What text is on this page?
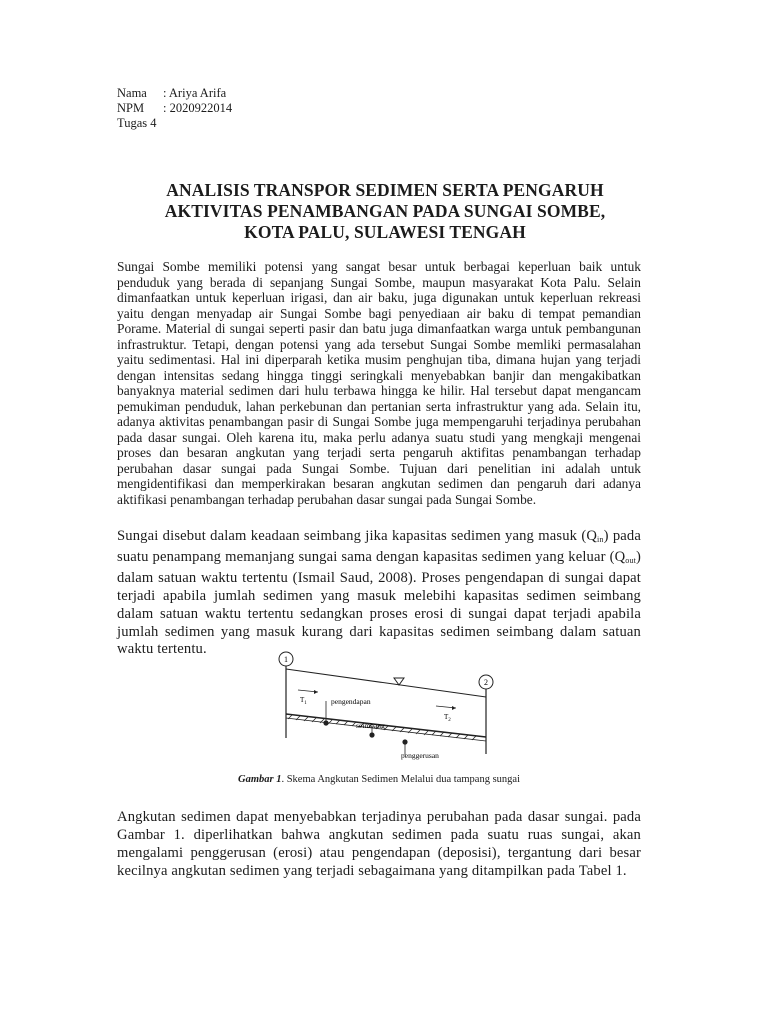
Nama : Ariya Arifa
NPM : 2020922014
Tugas 4
ANALISIS TRANSPOR SEDIMEN SERTA PENGARUH AKTIVITAS PENAMBANGAN PADA SUNGAI SOMBE, KOTA PALU, SULAWESI TENGAH
Sungai Sombe memiliki potensi yang sangat besar untuk berbagai keperluan baik untuk penduduk yang berada di sepanjang Sungai Sombe, maupun masyarakat Kota Palu. Selain dimanfaatkan untuk keperluan irigasi, dan air baku, juga digunakan untuk keperluan rekreasi yaitu dengan menyadap air Sungai Sombe bagi penyediaan air baku di tempat pemandian Porame. Material di sungai seperti pasir dan batu juga dimanfaatkan warga untuk pembangunan infrastruktur. Tetapi, dengan potensi yang ada tersebut Sungai Sombe memliki permasalahan yaitu sedimentasi. Hal ini diperparah ketika musim penghujan tiba, dimana hujan yang terjadi dengan intensitas sedang hingga tinggi seringkali menyebabkan banjir dan mengakibatkan banyaknya material sedimen dari hulu terbawa hingga ke hilir. Hal tersebut dapat mengancam pemukiman penduduk, lahan perkebunan dan pertanian serta infrastruktur yang ada. Selain itu, adanya aktivitas penambangan pasir di Sungai Sombe juga mempengaruhi terjadinya perubahan pada dasar sungai. Oleh karena itu, maka perlu adanya suatu studi yang mengkaji mengenai proses dan besaran angkutan yang terjadi serta pengaruh aktifitas penambangan terhadap perubahan dasar sungai pada Sungai Sombe. Tujuan dari penelitian ini adalah untuk mengidentifikasi dan memperkirakan besaran angkutan sedimen dan pengaruh dari adanya aktifikasi penambangan terhadap perubahan dasar sungai pada Sungai Sombe.
Sungai disebut dalam keadaan seimbang jika kapasitas sedimen yang masuk $(Q_{in})$ pada suatu penampang memanjang sungai sama dengan kapasitas sedimen yang keluar $(Q_{out})$ dalam satuan waktu tertentu (Ismail Saud, 2008). Proses pengendapan di sungai dapat terjadi apabila jumlah sedimen yang masuk melebihi kapasitas sedimen seimbang dalam satuan waktu tertentu sedangkan proses erosi di sungai dapat terjadi apabila jumlah sedimen yang masuk kurang dari kapasitas sedimen seimbang dalam satuan waktu tertentu.
1
2
$T_1$
$T_2$
pengendapan
seimbang
penggerusan
Gambar 1. Skema Angkutan Sedimen Melalui dua tampang sungai
Angkutan sedimen dapat menyebabkan terjadinya perubahan pada dasar sungai. pada Gambar 1. diperlihatkan bahwa angkutan sedimen pada suatu ruas sungai, akan mengalami penggerusan (erosi) atau pengendapan (deposisi), tergantung dari besar kecilnya angkutan sedimen yang terjadi sebagaimana yang ditampilkan pada Tabel 1.
